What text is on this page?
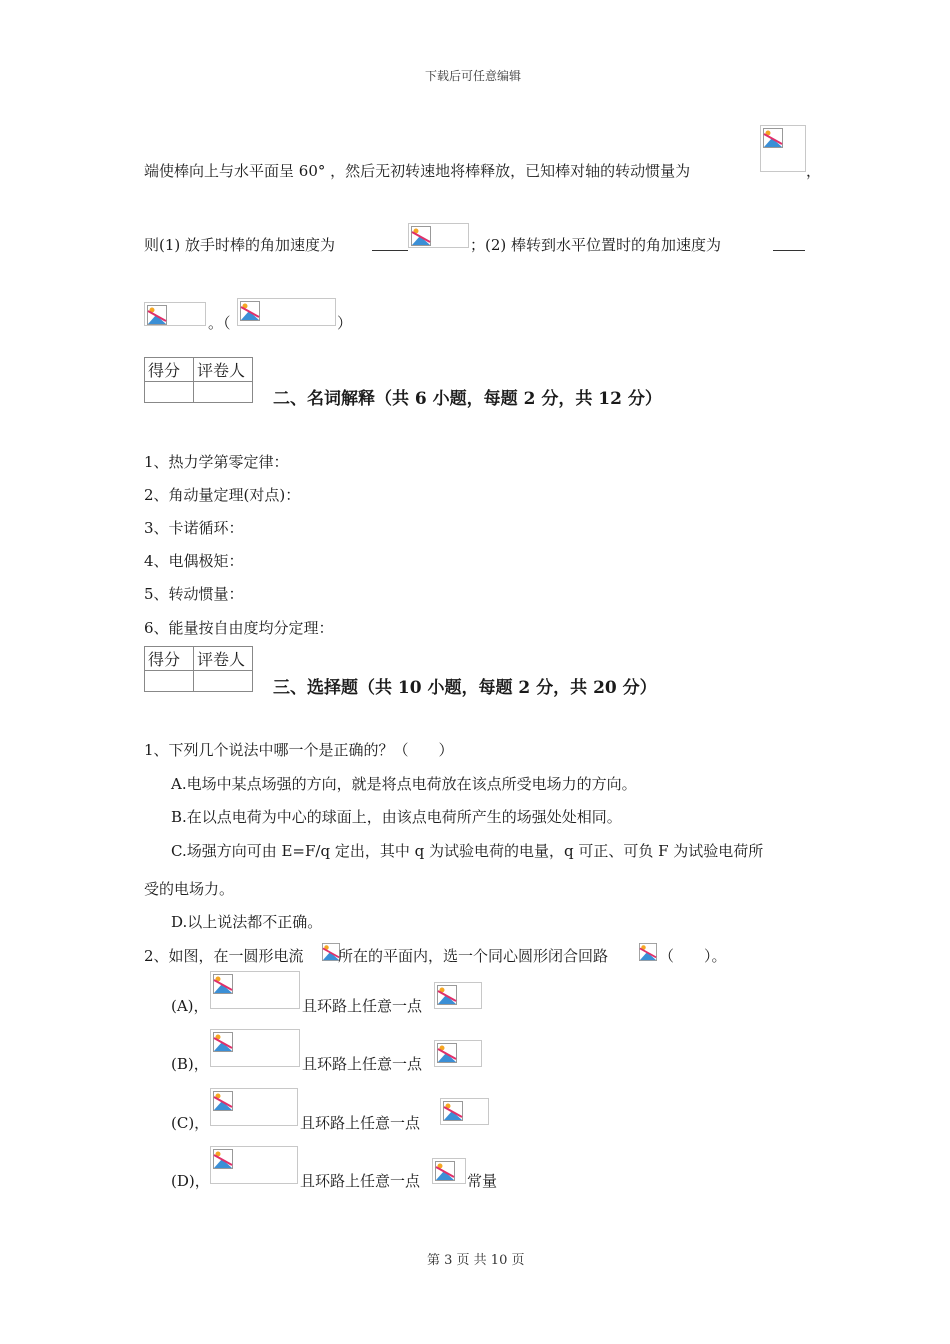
下载后可任意编辑
端使棒向上与水平面呈 60° ，然后无初转速地将棒释放，已知棒对轴的转动惯量为	，
则(1) 放手时棒的角加速度为	；(2) 棒转到水平位置时的角加速度为
。（	）
得分	评卷人

二、名词解释（共 6 小题，每题 2 分，共 12 分）
1、热力学第零定律：
2、角动量定理(对点)：
3、卡诺循环：
4、电偶极矩：
5、转动惯量：
6、能量按自由度均分定理：
得分	评卷人

三、选择题（共 10 小题，每题 2 分，共 20 分）
1、下列几个说法中哪一个是正确的？（　　）
A.电场中某点场强的方向，就是将点电荷放在该点所受电场力的方向。
B.在以点电荷为中心的球面上，由该点电荷所产生的场强处处相同。
C.场强方向可由 E=F/q 定出，其中 q 为试验电荷的电量，q 可正、可负 F 为试验电荷所
受的电场力。
D.以上说法都不正确。
2、如图，在一圆形电流 所在的平面内，选一个同心圆形闭合回路	（　　）。
(A)，	且环路上任意一点
(B)，	且环路上任意一点
(C)，	且环路上任意一点
(D)，	且环路上任意一点	常量
第 3 页 共 10 页
